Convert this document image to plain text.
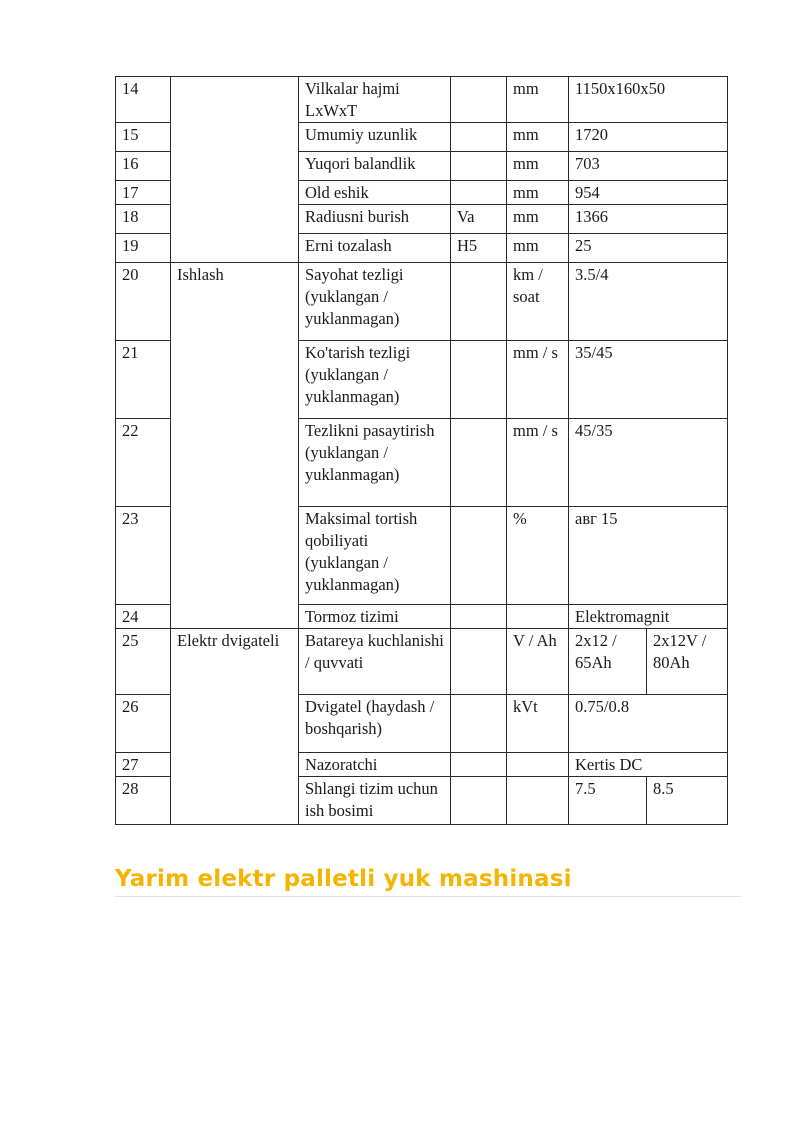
14		Vilkalar hajmi LxWxT		mm	1150x160x50	
15		Umumiy uzunlik		mm	1720	
16		Yuqori balandlik		mm	703	
17		Old eshik		mm	954	
18		Radiusni burish	Va	mm	1366	
19		Erni tozalash	H5	mm	25	
20	Ishlash	Sayohat tezligi (yuklangan / yuklanmagan)		km / soat	3.5/4	
21		Ko'tarish tezligi (yuklangan / yuklanmagan)		mm / s	35/45	
22		Tezlikni pasaytirish (yuklangan / yuklanmagan)		mm / s	45/35	
23		Maksimal tortish qobiliyati (yuklangan / yuklanmagan)		%	авг 15	
24		Tormoz tizimi			Elektromagnit	
25	Elektr dvigateli	Batareya kuchlanishi / quvvati		V / Ah	2x12 / 65Ah	2x12V / 80Ah
26		Dvigatel (haydash / boshqarish)		kVt	0.75/0.8	
27		Nazoratchi			Kertis DC	
28		Shlangi tizim uchun ish bosimi			7.5	8.5
Yarim elektr palletli yuk mashinasi
